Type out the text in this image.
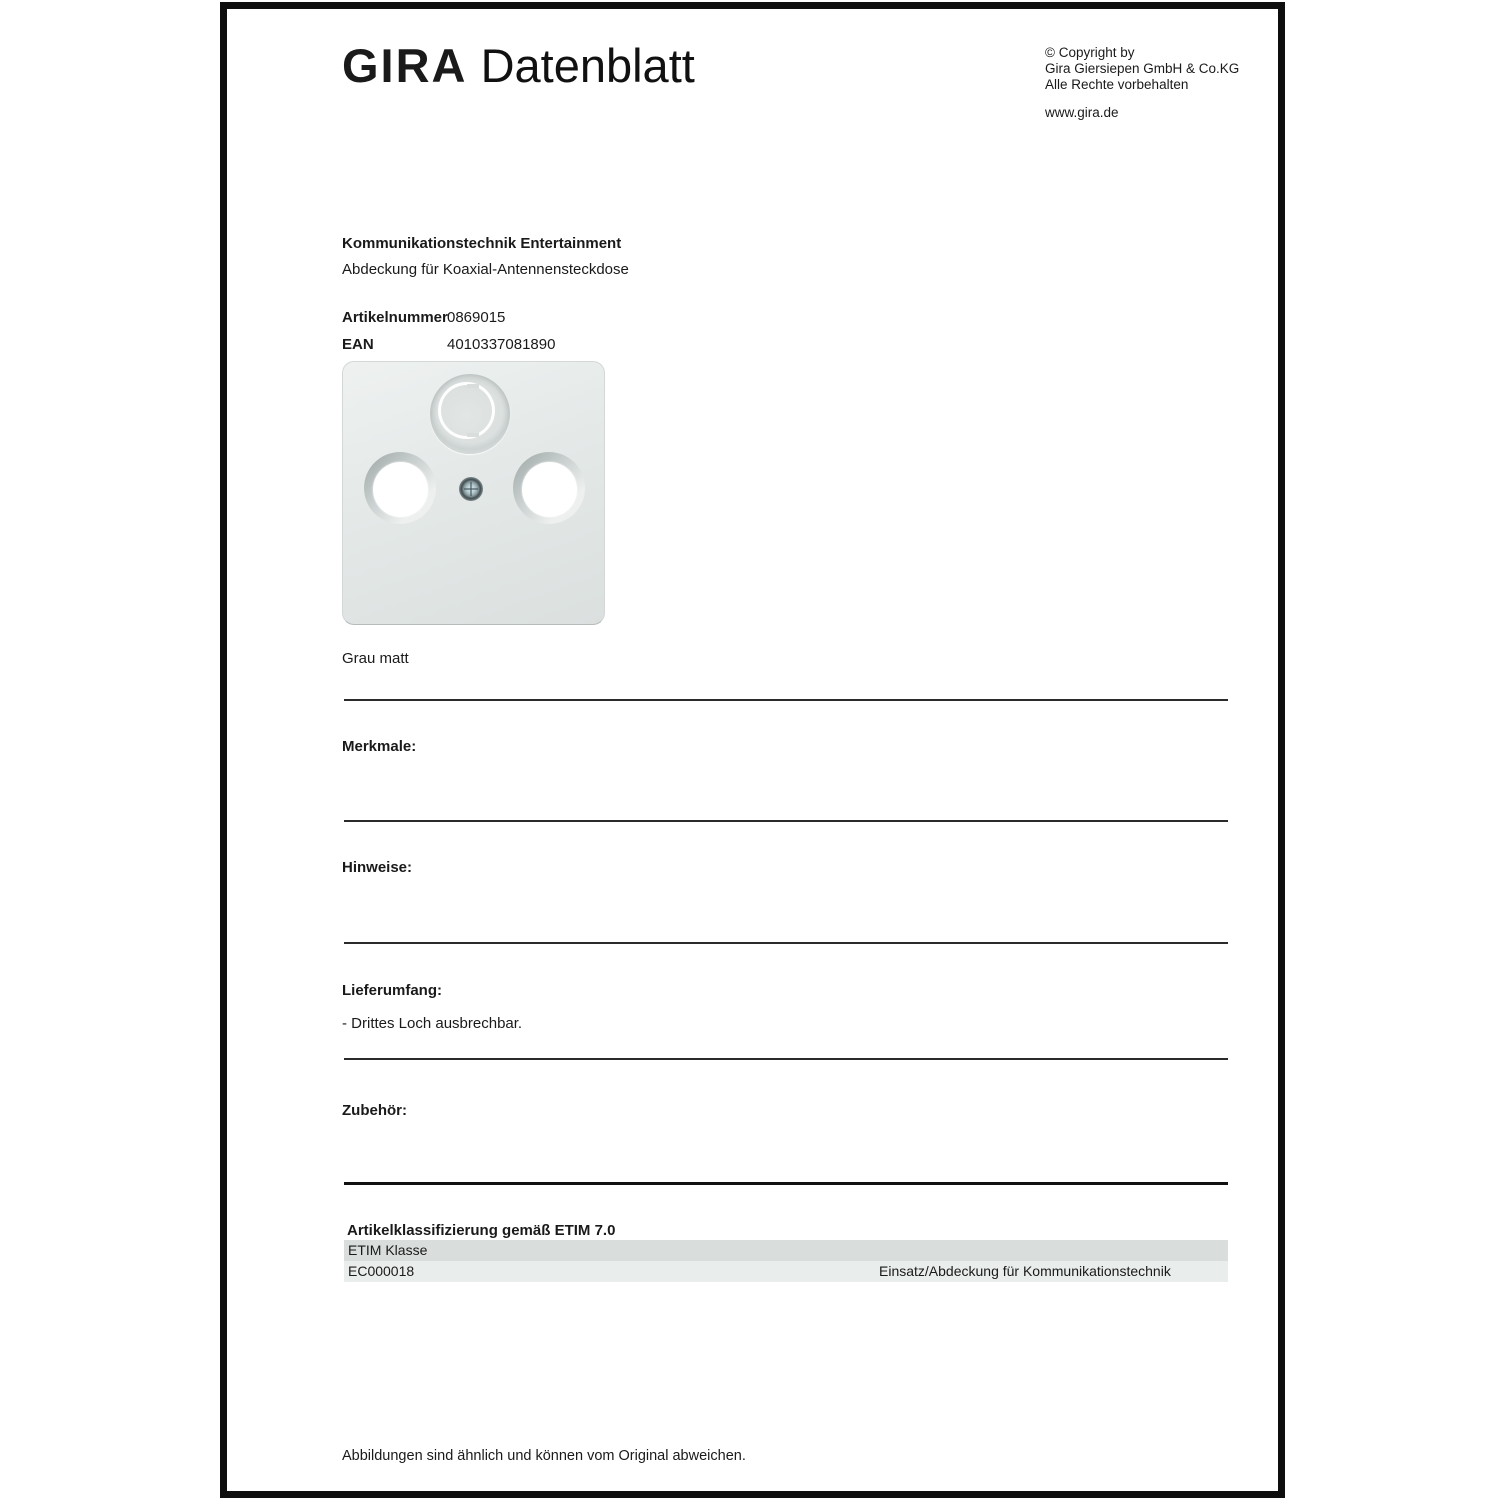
GIRA Datenblatt	© Copyright by
Gira Giersiepen GmbH & Co.KG
Alle Rechte vorbehalten
www.gira.de
Kommunikationstechnik Entertainment
Abdeckung für Koaxial-Antennensteckdose
Artikelnummer 0869015
EAN	4010337081890
Grau matt
Merkmale:
Hinweise:
Lieferumfang:
- Drittes Loch ausbrechbar.
Zubehör:
Artikelklassifizierung gemäß ETIM 7.0
ETIM Klasse
EC000018	Einsatz/Abdeckung für Kommunikationstechnik
Abbildungen sind ähnlich und können vom Original abweichen.
